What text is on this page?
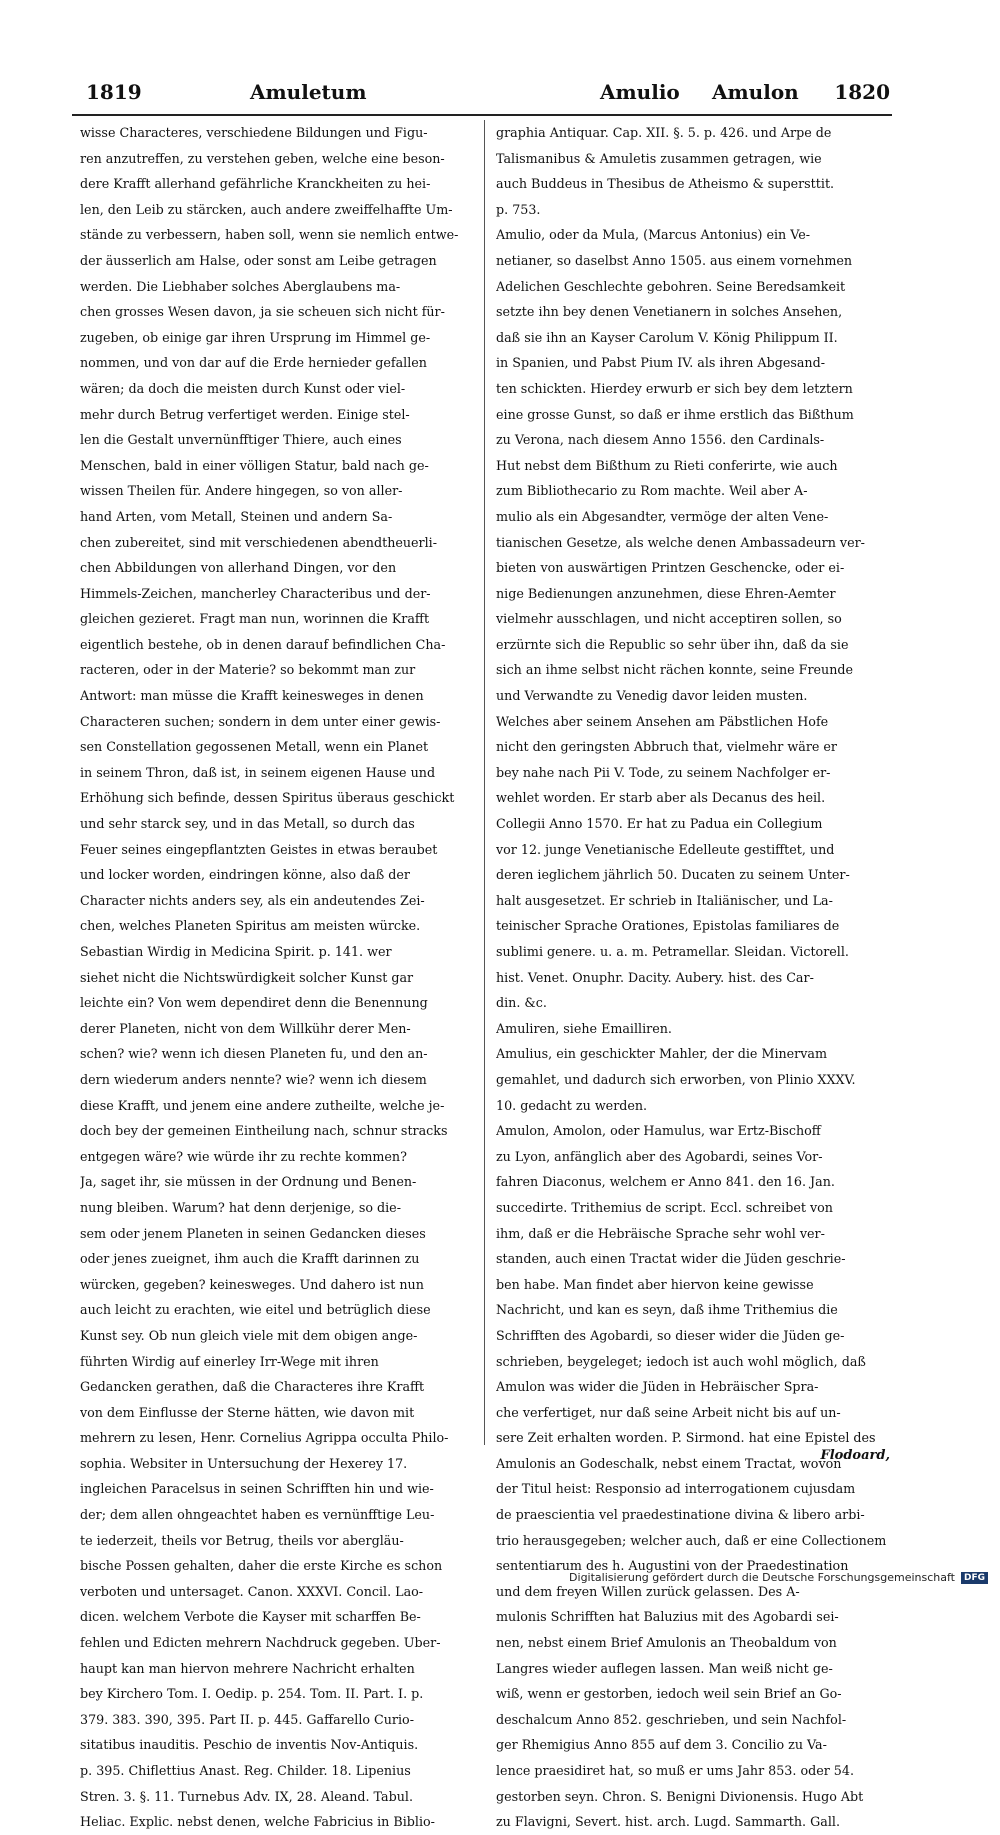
1819	Amuletum	Amulio Amulon 1820
wisse Characteres, verschiedene Bildungen und Figu-
ren anzutreffen, zu verstehen geben, welche eine beson-
dere Krafft allerhand gefährliche Kranckheiten zu hei-
len, den Leib zu stärcken, auch andere zweiffelhaffte Um-
stände zu verbessern, haben soll, wenn sie nemlich entwe-
der äusserlich am Halse, oder sonst am Leibe getragen
werden. Die Liebhaber solches Aberglaubens ma-
chen grosses Wesen davon, ja sie scheuen sich nicht für-
zugeben, ob einige gar ihren Ursprung im Himmel ge-
nommen, und von dar auf die Erde hernieder gefallen
wären; da doch die meisten durch Kunst oder viel-
mehr durch Betrug verfertiget werden. Einige stel-
len die Gestalt unvernünfftiger Thiere, auch eines
Menschen, bald in einer völligen Statur, bald nach ge-
wissen Theilen für. Andere hingegen, so von aller-
hand Arten, vom Metall, Steinen und andern Sa-
chen zubereitet, sind mit verschiedenen abendtheuerli-
chen Abbildungen von allerhand Dingen, vor den
Himmels-Zeichen, mancherley Characteribus und der-
gleichen gezieret. Fragt man nun, worinnen die Krafft
eigentlich bestehe, ob in denen darauf befindlichen Cha-
racteren, oder in der Materie? so bekommt man zur
Antwort: man müsse die Krafft keinesweges in denen
Characteren suchen; sondern in dem unter einer gewis-
sen Constellation gegossenen Metall, wenn ein Planet
in seinem Thron, daß ist, in seinem eigenen Hause und
Erhöhung sich befinde, dessen Spiritus überaus geschickt
und sehr starck sey, und in das Metall, so durch das
Feuer seines eingepflantzten Geistes in etwas beraubet
und locker worden, eindringen könne, also daß der
Character nichts anders sey, als ein andeutendes Zei-
chen, welches Planeten Spiritus am meisten würcke.
Sebastian Wirdig in Medicina Spirit. p. 141. wer
siehet nicht die Nichtswürdigkeit solcher Kunst gar
leichte ein? Von wem dependiret denn die Benennung
derer Planeten, nicht von dem Willkühr derer Men-
schen? wie? wenn ich diesen Planeten fu, und den an-
dern wiederum anders nennte? wie? wenn ich diesem
diese Krafft, und jenem eine andere zutheilte, welche je-
doch bey der gemeinen Eintheilung nach, schnur stracks
entgegen wäre? wie würde ihr zu rechte kommen?
Ja, saget ihr, sie müssen in der Ordnung und Benen-
nung bleiben. Warum? hat denn derjenige, so die-
sem oder jenem Planeten in seinen Gedancken dieses
oder jenes zueignet, ihm auch die Krafft darinnen zu
würcken, gegeben? keinesweges. Und dahero ist nun
auch leicht zu erachten, wie eitel und betrüglich diese
Kunst sey. Ob nun gleich viele mit dem obigen ange-
führten Wirdig auf einerley Irr-Wege mit ihren
Gedancken gerathen, daß die Characteres ihre Krafft
von dem Einflusse der Sterne hätten, wie davon mit
mehrern zu lesen, Henr. Cornelius Agrippa occulta Philo-
sophia. Websiter in Untersuchung der Hexerey 17.
ingleichen Paracelsus in seinen Schrifften hin und wie-
der; dem allen ohngeachtet haben es vernünfftige Leu-
te iederzeit, theils vor Betrug, theils vor abergläu-
bische Possen gehalten, daher die erste Kirche es schon
verboten und untersaget. Canon. XXXVI. Concil. Lao-
dicen. welchem Verbote die Kayser mit scharffen Be-
fehlen und Edicten mehrern Nachdruck gegeben. Uber-
haupt kan man hiervon mehrere Nachricht erhalten
bey Kirchero Tom. I. Oedip. p. 254. Tom. II. Part. I. p.
379. 383. 390, 395. Part II. p. 445. Gaffarello Curio-
sitatibus inauditis. Peschio de inventis Nov-Antiquis.
p. 395. Chiflettius Anast. Reg. Childer. 18. Lipenius
Stren. 3. §. 11. Turnebus Adv. IX, 28. Aleand. Tabul.
Heliac. Explic. nebst denen, welche Fabricius in Biblio-
graphia Antiquar. Cap. XII. §. 5. p. 426. und Arpe de
Talismanibus & Amuletis zusammen getragen, wie
auch Buddeus in Thesibus de Atheismo & supersttit.
p. 753.
Amulio, oder da Mula, (Marcus Antonius) ein Ve-
netianer, so daselbst Anno 1505. aus einem vornehmen
Adelichen Geschlechte gebohren. Seine Beredsamkeit
setzte ihn bey denen Venetianern in solches Ansehen,
daß sie ihn an Kayser Carolum V. König Philippum II.
in Spanien, und Pabst Pium IV. als ihren Abgesand-
ten schickten. Hierdey erwurb er sich bey dem letztern
eine grosse Gunst, so daß er ihme erstlich das Bißthum
zu Verona, nach diesem Anno 1556. den Cardinals-
Hut nebst dem Bißthum zu Rieti conferirte, wie auch
zum Bibliothecario zu Rom machte. Weil aber A-
mulio als ein Abgesandter, vermöge der alten Vene-
tianischen Gesetze, als welche denen Ambassadeurn ver-
bieten von auswärtigen Printzen Geschencke, oder ei-
nige Bedienungen anzunehmen, diese Ehren-Aemter
vielmehr ausschlagen, und nicht acceptiren sollen, so
erzürnte sich die Republic so sehr über ihn, daß da sie
sich an ihme selbst nicht rächen konnte, seine Freunde
und Verwandte zu Venedig davor leiden musten.
Welches aber seinem Ansehen am Päbstlichen Hofe
nicht den geringsten Abbruch that, vielmehr wäre er
bey nahe nach Pii V. Tode, zu seinem Nachfolger er-
wehlet worden. Er starb aber als Decanus des heil.
Collegii Anno 1570. Er hat zu Padua ein Collegium
vor 12. junge Venetianische Edelleute gestifftet, und
deren ieglichem jährlich 50. Ducaten zu seinem Unter-
halt ausgesetzet. Er schrieb in Italiänischer, und La-
teinischer Sprache Orationes, Epistolas familiares de
sublimi genere. u. a. m. Petramellar. Sleidan. Victorell.
hist. Venet. Onuphr. Dacity. Aubery. hist. des Car-
din. &c.
Amuliren, siehe Emailliren.
Amulius, ein geschickter Mahler, der die Minervam
gemahlet, und dadurch sich erworben, von Plinio XXXV.
10. gedacht zu werden.
Amulon, Amolon, oder Hamulus, war Ertz-Bischoff
zu Lyon, anfänglich aber des Agobardi, seines Vor-
fahren Diaconus, welchem er Anno 841. den 16. Jan.
succedirte. Trithemius de script. Eccl. schreibet von
ihm, daß er die Hebräische Sprache sehr wohl ver-
standen, auch einen Tractat wider die Jüden geschrie-
ben habe. Man findet aber hiervon keine gewisse
Nachricht, und kan es seyn, daß ihme Trithemius die
Schrifften des Agobardi, so dieser wider die Jüden ge-
schrieben, beygeleget; iedoch ist auch wohl möglich, daß
Amulon was wider die Jüden in Hebräischer Spra-
che verfertiget, nur daß seine Arbeit nicht bis auf un-
sere Zeit erhalten worden. P. Sirmond. hat eine Epistel des
Amulonis an Godeschalk, nebst einem Tractat, wovon
der Titul heist: Responsio ad interrogationem cujusdam
de praescientia vel praedestinatione divina & libero arbi-
trio herausgegeben; welcher auch, daß er eine Collectionem
sententiarum des h. Augustini von der Praedestination
und dem freyen Willen zurück gelassen. Des A-
mulonis Schrifften hat Baluzius mit des Agobardi sei-
nen, nebst einem Brief Amulonis an Theobaldum von
Langres wieder auflegen lassen. Man weiß nicht ge-
wiß, wenn er gestorben, iedoch weil sein Brief an Go-
deschalcum Anno 852. geschrieben, und sein Nachfol-
ger Rhemigius Anno 855 auf dem 3. Concilio zu Va-
lence praesidiret hat, so muß er ums Jahr 853. oder 54.
gestorben seyn. Chron. S. Benigni Divionensis. Hugo Abt
zu Flavigni, Severt. hist. arch. Lugd. Sammarth. Gall.
Flodoard,
Digitalisierung gefördert durch die Deutsche Forschungsgemeinschaft	DFG
